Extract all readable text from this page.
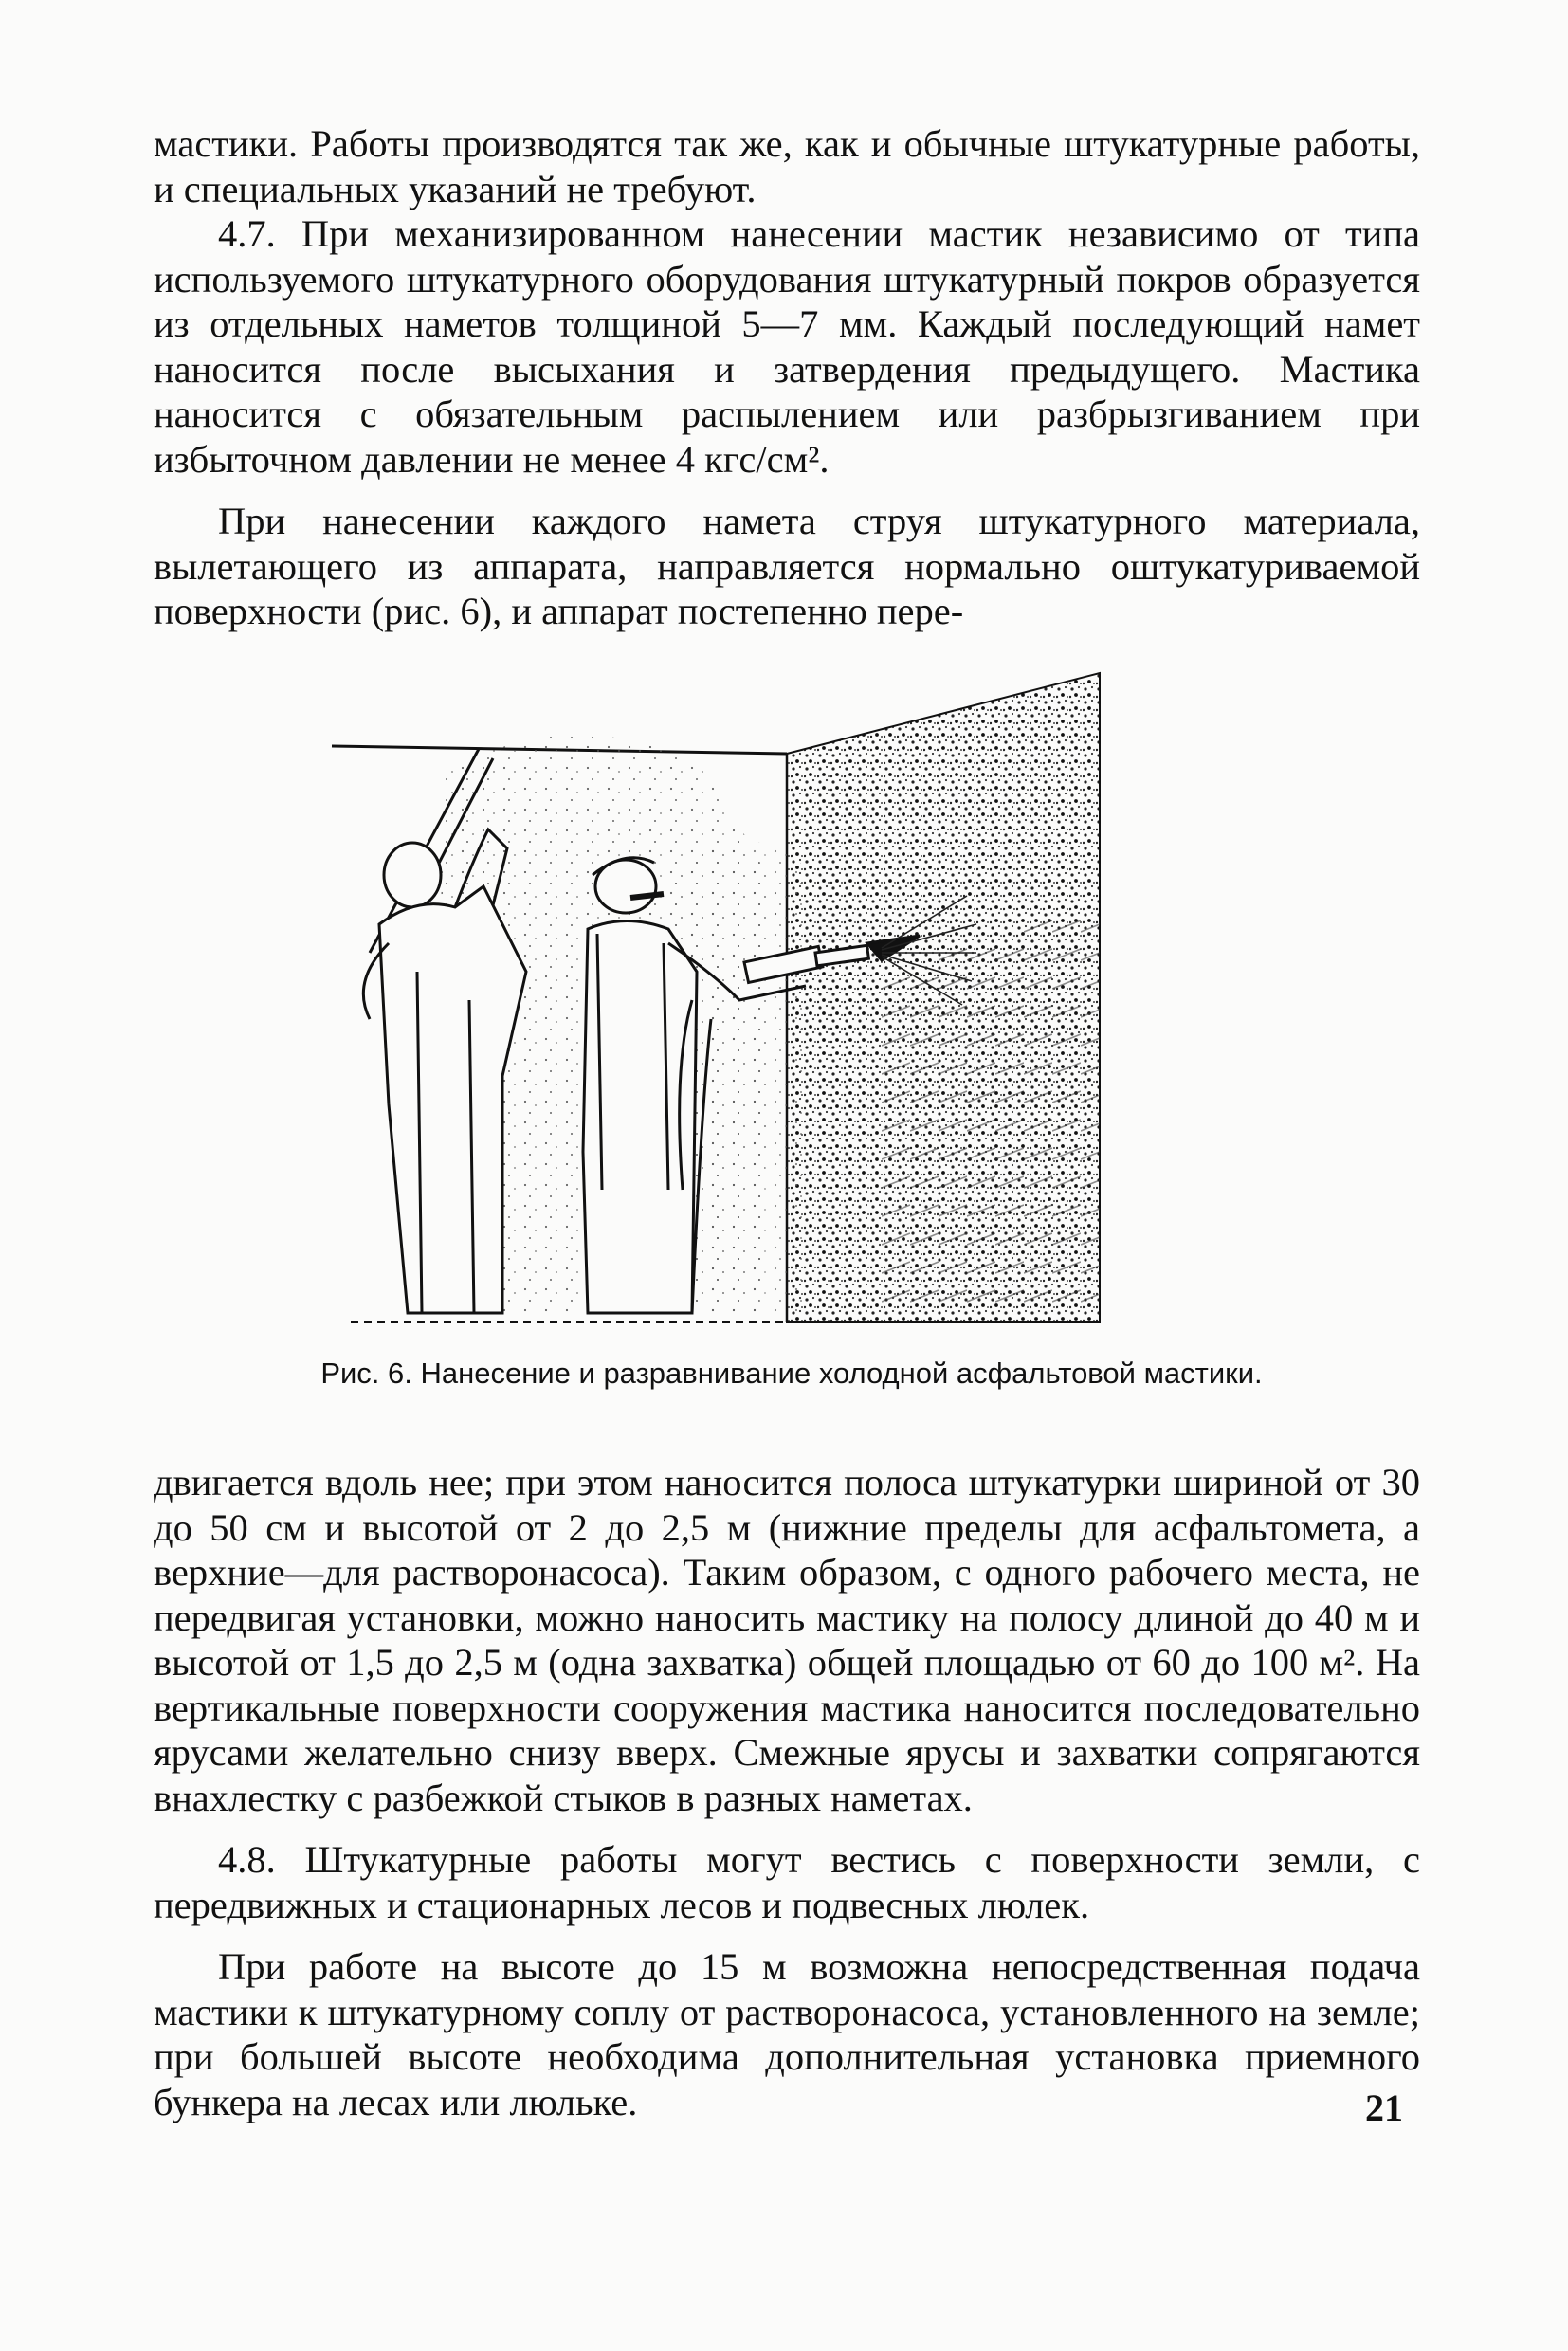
мастики. Работы производятся так же, как и обычные штукатурные работы, и специальных указаний не требуют.

4.7. При механизированном нанесении мастик независимо от типа используемого штукатурного оборудования штукатурный покров образуется из отдельных наметов толщиной 5—7 мм. Каждый последующий намет наносится после высыхания и затвердения предыдущего. Мастика наносится с обязательным распылением или разбрызгиванием при избыточном давлении не менее 4 кгс/см².

При нанесении каждого намета струя штукатурного материала, вылетающего из аппарата, направляется нормально оштукатуриваемой поверхности (рис. 6), и аппарат постепенно пере-

Рис. 6. Нанесение и разравнивание холодной асфальтовой мастики.

двигается вдоль нее; при этом наносится полоса штукатурки шириной от 30 до 50 см и высотой от 2 до 2,5 м (нижние пределы для асфальтомета, а верхние—для растворонасоса). Таким образом, с одного рабочего места, не передвигая установки, можно наносить мастику на полосу длиной до 40 м и высотой от 1,5 до 2,5 м (одна захватка) общей площадью от 60 до 100 м². На вертикальные поверхности сооружения мастика наносится последовательно ярусами желательно снизу вверх. Смежные ярусы и захватки сопрягаются внахлестку с разбежкой стыков в разных наметах.

4.8. Штукатурные работы могут вестись с поверхности земли, с передвижных и стационарных лесов и подвесных люлек.

При работе на высоте до 15 м возможна непосредственная подача мастики к штукатурному соплу от растворонасоса, установленного на земле; при большей высоте необходима дополнительная установка приемного бункера на лесах или люльке.	21
